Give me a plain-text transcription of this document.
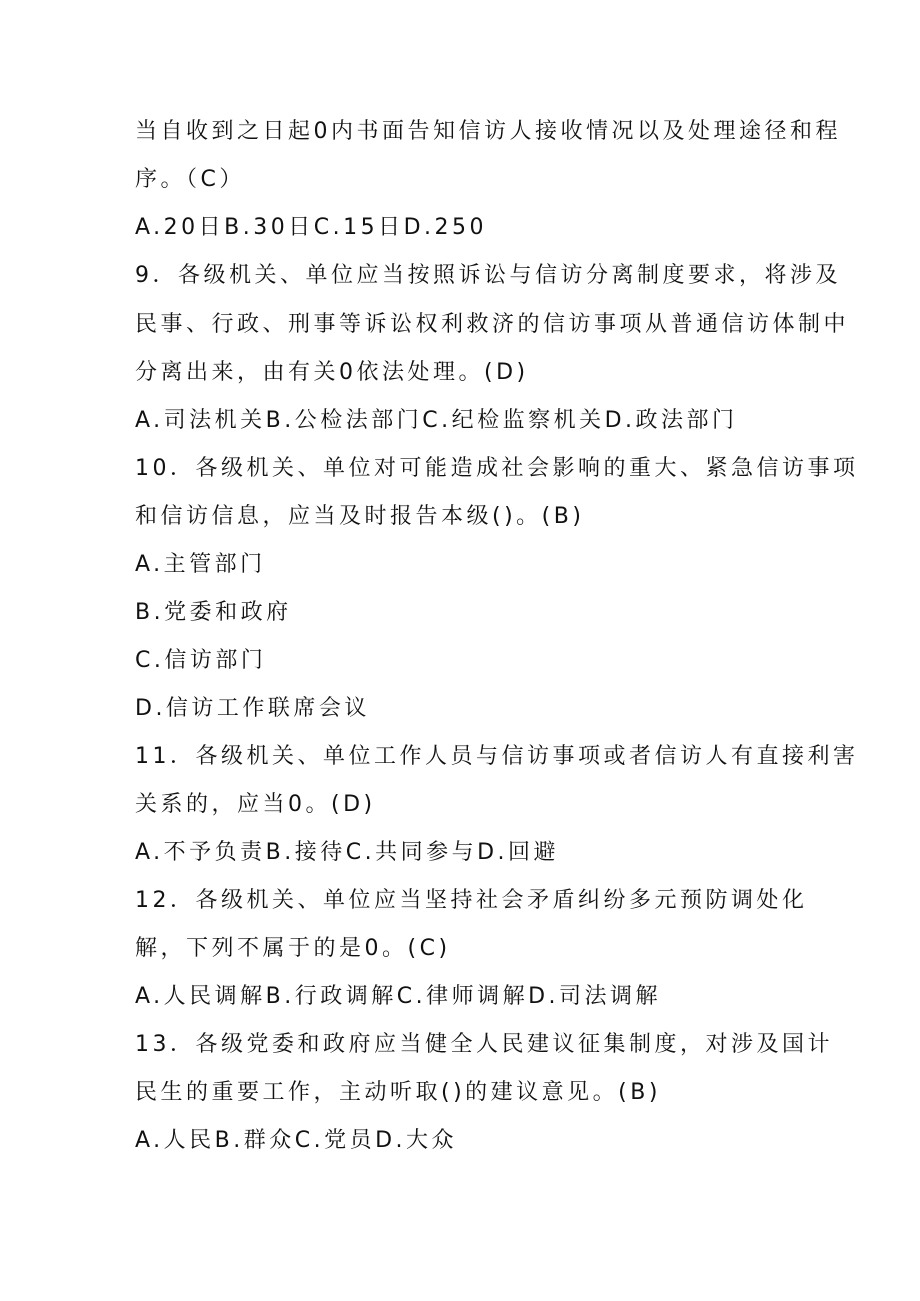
当自收到之日起0内书面告知信访人接收情况以及处理途径和程
序。（C）
A.20日B.30日C.15日D.250
9．各级机关、单位应当按照诉讼与信访分离制度要求，将涉及
民事、行政、刑事等诉讼权利救济的信访事项从普通信访体制中
分离出来，由有关0依法处理。(D)
A.司法机关B.公检法部门C.纪检监察机关D.政法部门
10．各级机关、单位对可能造成社会影响的重大、紧急信访事项
和信访信息，应当及时报告本级()。(B)
A.主管部门
B.党委和政府
C.信访部门
D.信访工作联席会议
11．各级机关、单位工作人员与信访事项或者信访人有直接利害
关系的，应当0。(D)
A.不予负责B.接待C.共同参与D.回避
12．各级机关、单位应当坚持社会矛盾纠纷多元预防调处化
解，下列不属于的是0。(C)
A.人民调解B.行政调解C.律师调解D.司法调解
13．各级党委和政府应当健全人民建议征集制度，对涉及国计
民生的重要工作，主动听取()的建议意见。(B)
A.人民B.群众C.党员D.大众
